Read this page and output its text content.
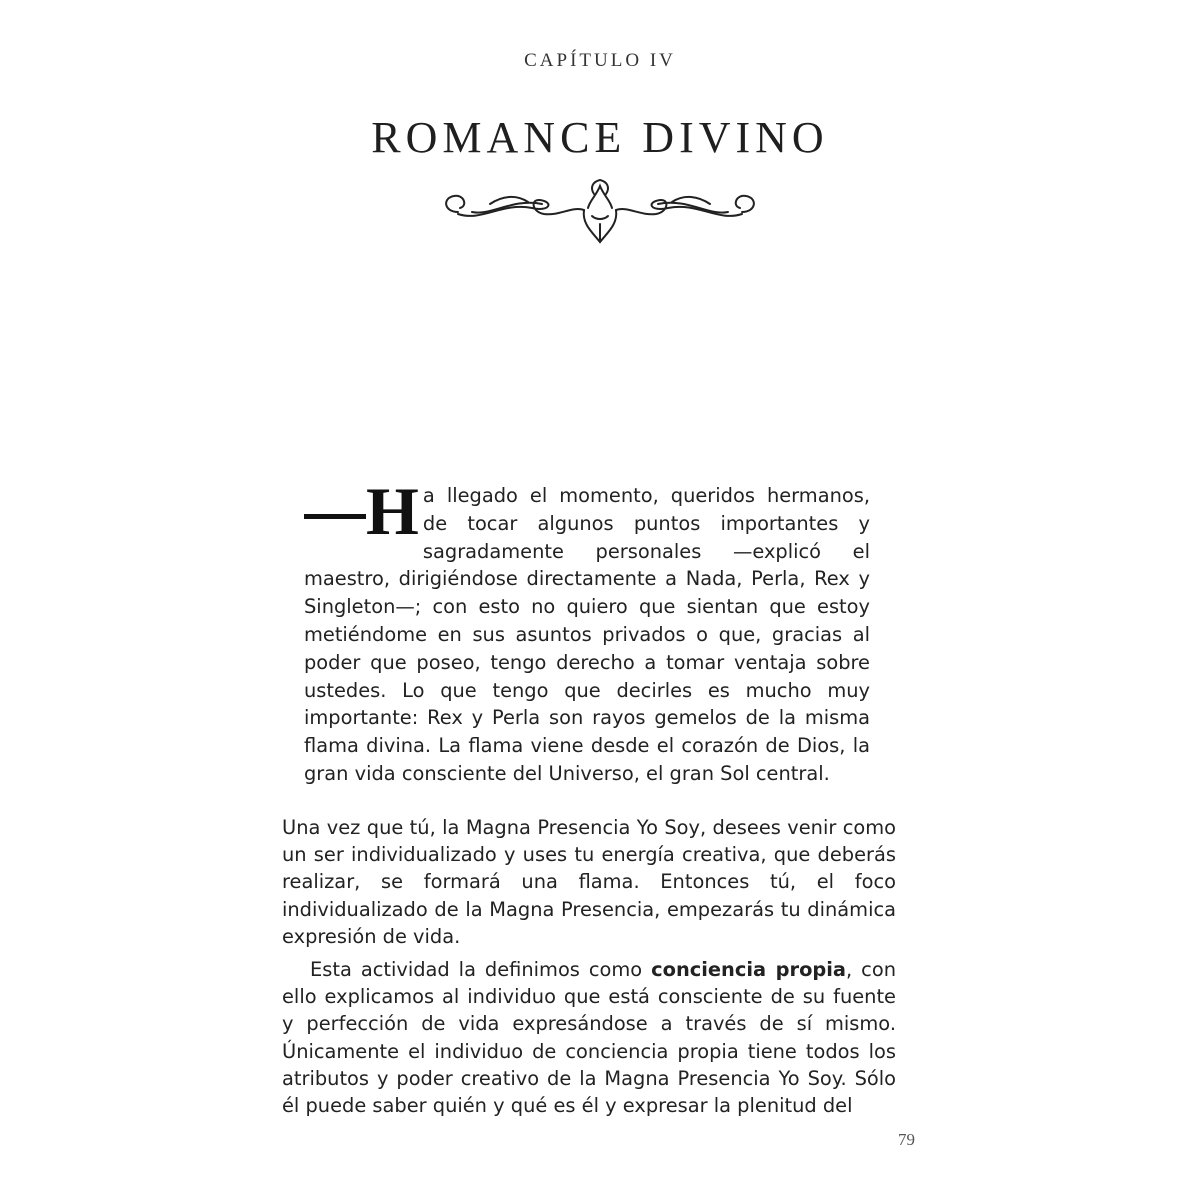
CAPÍTULO IV
ROMANCE DIVINO
H a llegado el momento, queridos hermanos, de tocar algunos puntos importantes y sagradamente personales —explicó el maestro, dirigiéndose directamente a Nada, Perla, Rex y Singleton—; con esto no quiero que sientan que estoy metiéndome en sus asuntos privados o que, gracias al poder que poseo, tengo derecho a tomar ventaja sobre ustedes. Lo que tengo que decirles es mucho muy importante: Rex y Perla son rayos gemelos de la misma flama divina. La flama viene desde el corazón de Dios, la gran vida consciente del Universo, el gran Sol central.

Una vez que tú, la Magna Presencia Yo Soy, desees venir como un ser individualizado y uses tu energía creativa, que deberás realizar, se formará una flama. Entonces tú, el foco individualizado de la Magna Presencia, empezarás tu dinámica expresión de vida.

Esta actividad la definimos como conciencia propia, con ello explicamos al individuo que está consciente de su fuente y perfección de vida expresándose a través de sí mismo. Únicamente el individuo de conciencia propia tiene todos los atributos y poder creativo de la Magna Presencia Yo Soy. Sólo él puede saber quién y qué es él y expresar la plenitud del

79
